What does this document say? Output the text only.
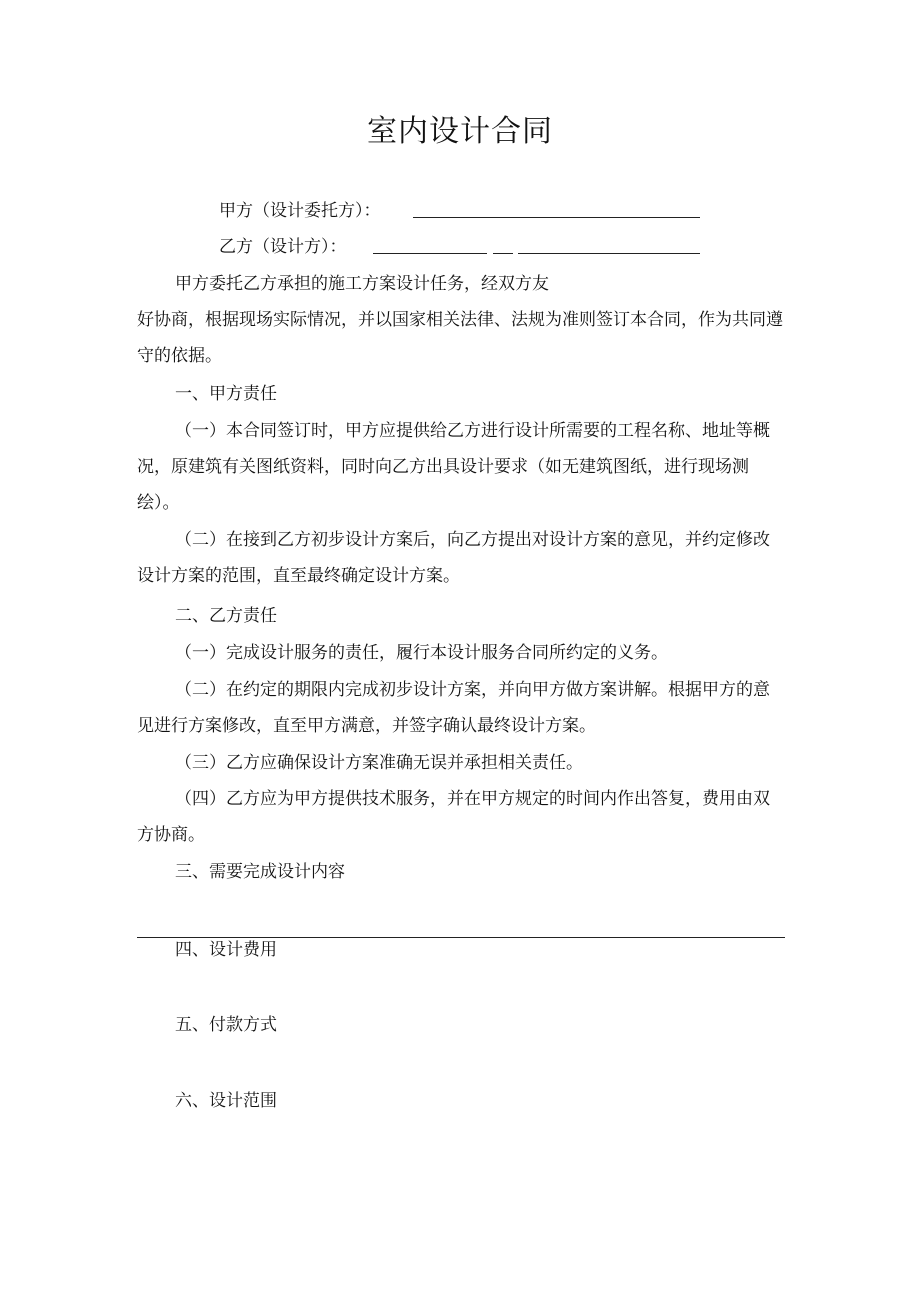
室内设计合同
甲方（设计委托方）：
乙方（设计方）：
甲方委托乙方承担的施工方案设计任务，经双方友
好协商，根据现场实际情况，并以国家相关法律、法规为准则签订本合同，作为共同遵
守的依据。
一、甲方责任
（一）本合同签订时，甲方应提供给乙方进行设计所需要的工程名称、地址等概
况，原建筑有关图纸资料，同时向乙方出具设计要求（如无建筑图纸，进行现场测
绘）。
（二）在接到乙方初步设计方案后，向乙方提出对设计方案的意见，并约定修改
设计方案的范围，直至最终确定设计方案。
二、乙方责任
（一）完成设计服务的责任，履行本设计服务合同所约定的义务。
（二）在约定的期限内完成初步设计方案，并向甲方做方案讲解。根据甲方的意
见进行方案修改，直至甲方满意，并签字确认最终设计方案。
（三）乙方应确保设计方案准确无误并承担相关责任。
（四）乙方应为甲方提供技术服务，并在甲方规定的时间内作出答复，费用由双
方协商。
三、需要完成设计内容
四、设计费用
五、付款方式
六、设计范围
